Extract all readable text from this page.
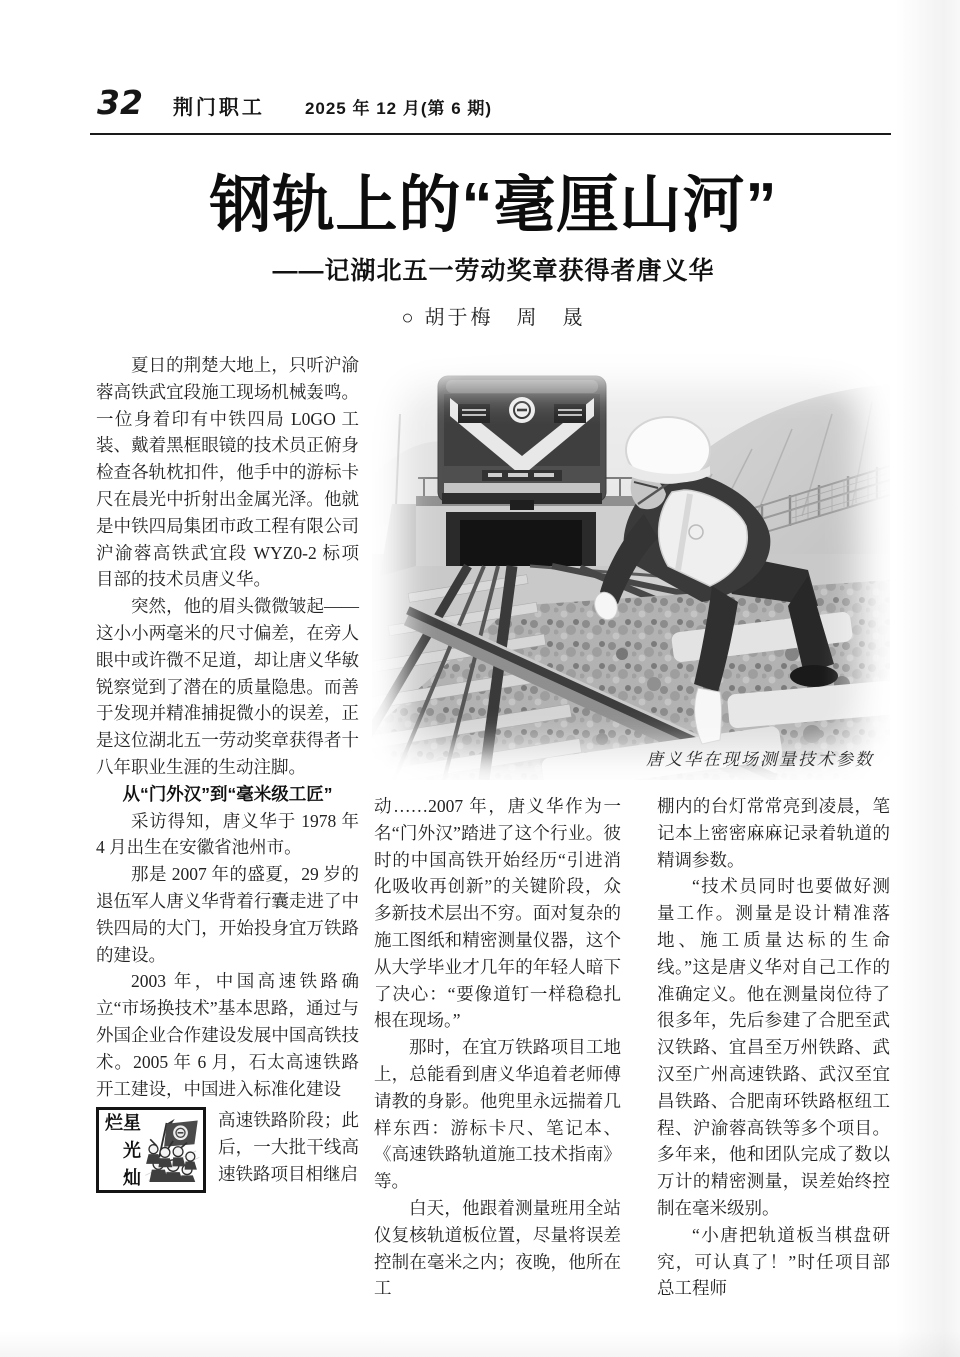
32 荆门职工 2025 年 12 月(第 6 期)
钢轨上的“毫厘山河”
——记湖北五一劳动奖章获得者唐义华
○ 胡于梅　周　晟

夏日的荆楚大地上，只听沪渝蓉高铁武宜段施工现场机械轰鸣。一位身着印有中铁四局 L0GO 工装、戴着黑框眼镜的技术员正俯身检查各轨枕扣件，他手中的游标卡尺在晨光中折射出金属光泽。他就是中铁四局集团市政工程有限公司沪渝蓉高铁武宜段 WYZ0-2 标项目部的技术员唐义华。

突然，他的眉头微微皱起——这小小两毫米的尺寸偏差，在旁人眼中或许微不足道，却让唐义华敏锐察觉到了潜在的质量隐患。而善于发现并精准捕捉微小的误差，正是这位湖北五一劳动奖章获得者十八年职业生涯的生动注脚。

从“门外汉”到“毫米级工匠”

采访得知，唐义华于 1978 年 4 月出生在安徽省池州市。

那是 2007 年的盛夏，29 岁的退伍军人唐义华背着行囊走进了中铁四局的大门，开始投身宜万铁路的建设。

2003 年，中国高速铁路确立“市场换技术”基本思路，通过与外国企业合作建设发展中国高铁技术。2005 年 6 月，石太高速铁路开工建设，中国进入标准化建设

星光灿烂	高速铁路阶段；此后，一大批干线高速铁路项目相继启

唐义华在现场测量技术参数

动……2007 年，唐义华作为一名“门外汉”踏进了这个行业。彼时的中国高铁开始经历“引进消化吸收再创新”的关键阶段，众多新技术层出不穷。面对复杂的施工图纸和精密测量仪器，这个从大学毕业才几年的年轻人暗下了决心：“要像道钉一样稳稳扎根在现场。”

那时，在宜万铁路项目工地上，总能看到唐义华追着老师傅请教的身影。他兜里永远揣着几样东西：游标卡尺、笔记本、《高速铁路轨道施工技术指南》等。

白天，他跟着测量班用全站仪复核轨道板位置，尽量将误差控制在毫米之内；夜晚，他所在工

棚内的台灯常常亮到凌晨，笔记本上密密麻麻记录着轨道的精调参数。

“技术员同时也要做好测量工作。测量是设计精准落地、施工质量达标的生命线。”这是唐义华对自己工作的准确定义。他在测量岗位待了很多年，先后参建了合肥至武汉铁路、宜昌至万州铁路、武汉至广州高速铁路、武汉至宜昌铁路、合肥南环铁路枢纽工程、沪渝蓉高铁等多个项目。多年来，他和团队完成了数以万计的精密测量，误差始终控制在毫米级别。

“小唐把轨道板当棋盘研究，可认真了！”时任项目部总工程师
